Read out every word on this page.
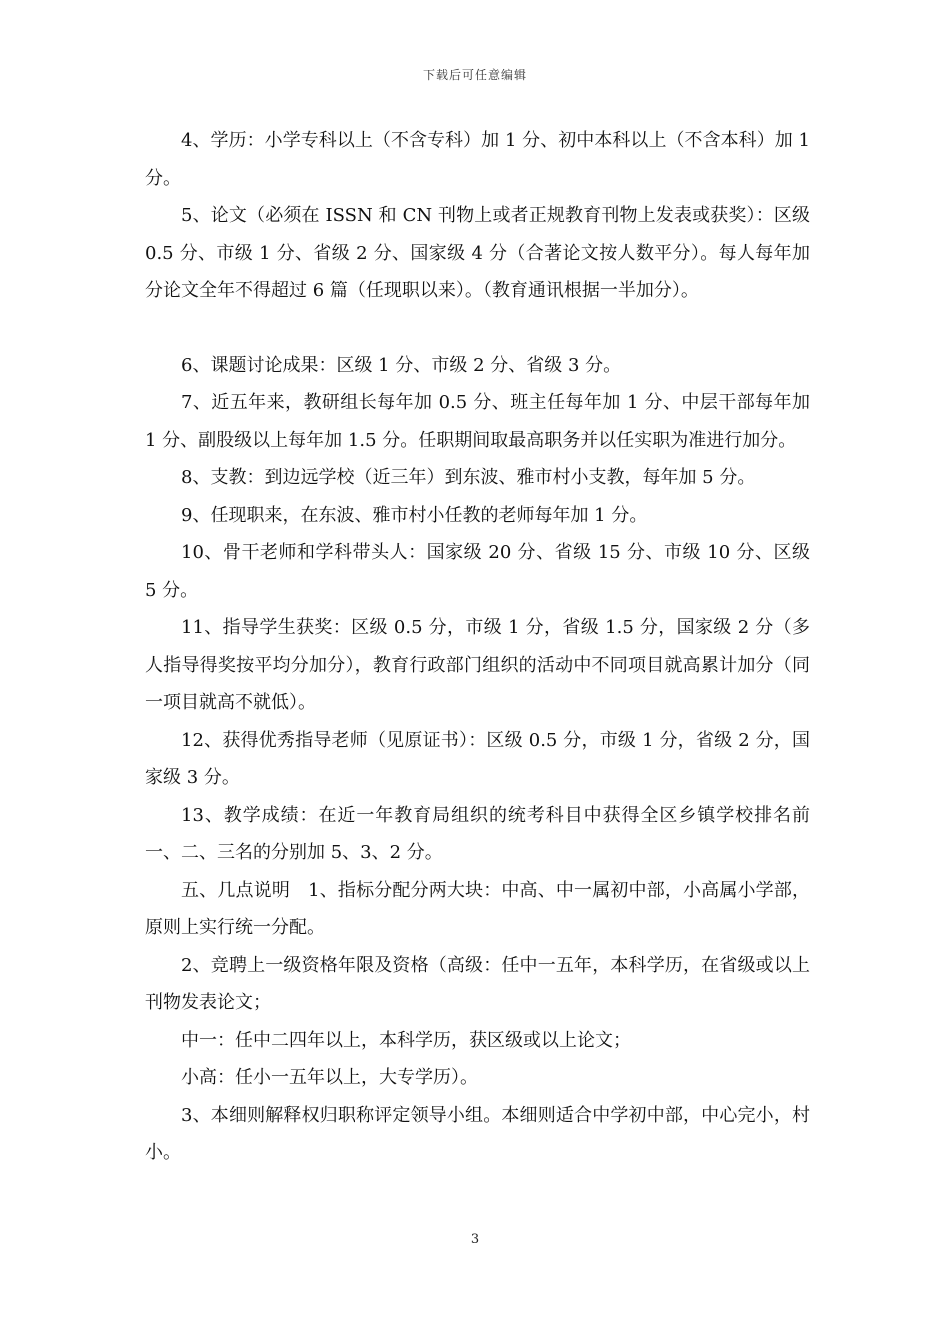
下载后可任意编辑

4、学历：小学专科以上（不含专科）加 1 分、初中本科以上（不含本科）加 1 分。

5、论文（必须在 ISSN 和 CN 刊物上或者正规教育刊物上发表或获奖）：区级 0.5 分、市级 1 分、省级 2 分、国家级 4 分（合著论文按人数平分）。每人每年加分论文全年不得超过 6 篇（任现职以来）。（教育通讯根据一半加分）。

6、课题讨论成果：区级 1 分、市级 2 分、省级 3 分。

7、近五年来，教研组长每年加 0.5 分、班主任每年加 1 分、中层干部每年加 1 分、副股级以上每年加 1.5 分。任职期间取最高职务并以任实职为准进行加分。

8、支教：到边远学校（近三年）到东波、雅市村小支教，每年加 5 分。

9、任现职来，在东波、雅市村小任教的老师每年加 1 分。

10、骨干老师和学科带头人：国家级 20 分、省级 15 分、市级 10 分、区级 5 分。

11、指导学生获奖：区级 0.5 分，市级 1 分，省级 1.5 分，国家级 2 分（多人指导得奖按平均分加分），教育行政部门组织的活动中不同项目就高累计加分（同一项目就高不就低）。

12、获得优秀指导老师（见原证书）：区级 0.5 分，市级 1 分，省级 2 分，国家级 3 分。

13、教学成绩：在近一年教育局组织的统考科目中获得全区乡镇学校排名前一、二、三名的分别加 5、3、2 分。

五、几点说明　1、指标分配分两大块：中高、中一属初中部，小高属小学部，原则上实行统一分配。

2、竞聘上一级资格年限及资格（高级：任中一五年，本科学历，在省级或以上刊物发表论文；

中一：任中二四年以上，本科学历，获区级或以上论文；

小高：任小一五年以上，大专学历）。

3、本细则解释权归职称评定领导小组。本细则适合中学初中部，中心完小，村小。

3
